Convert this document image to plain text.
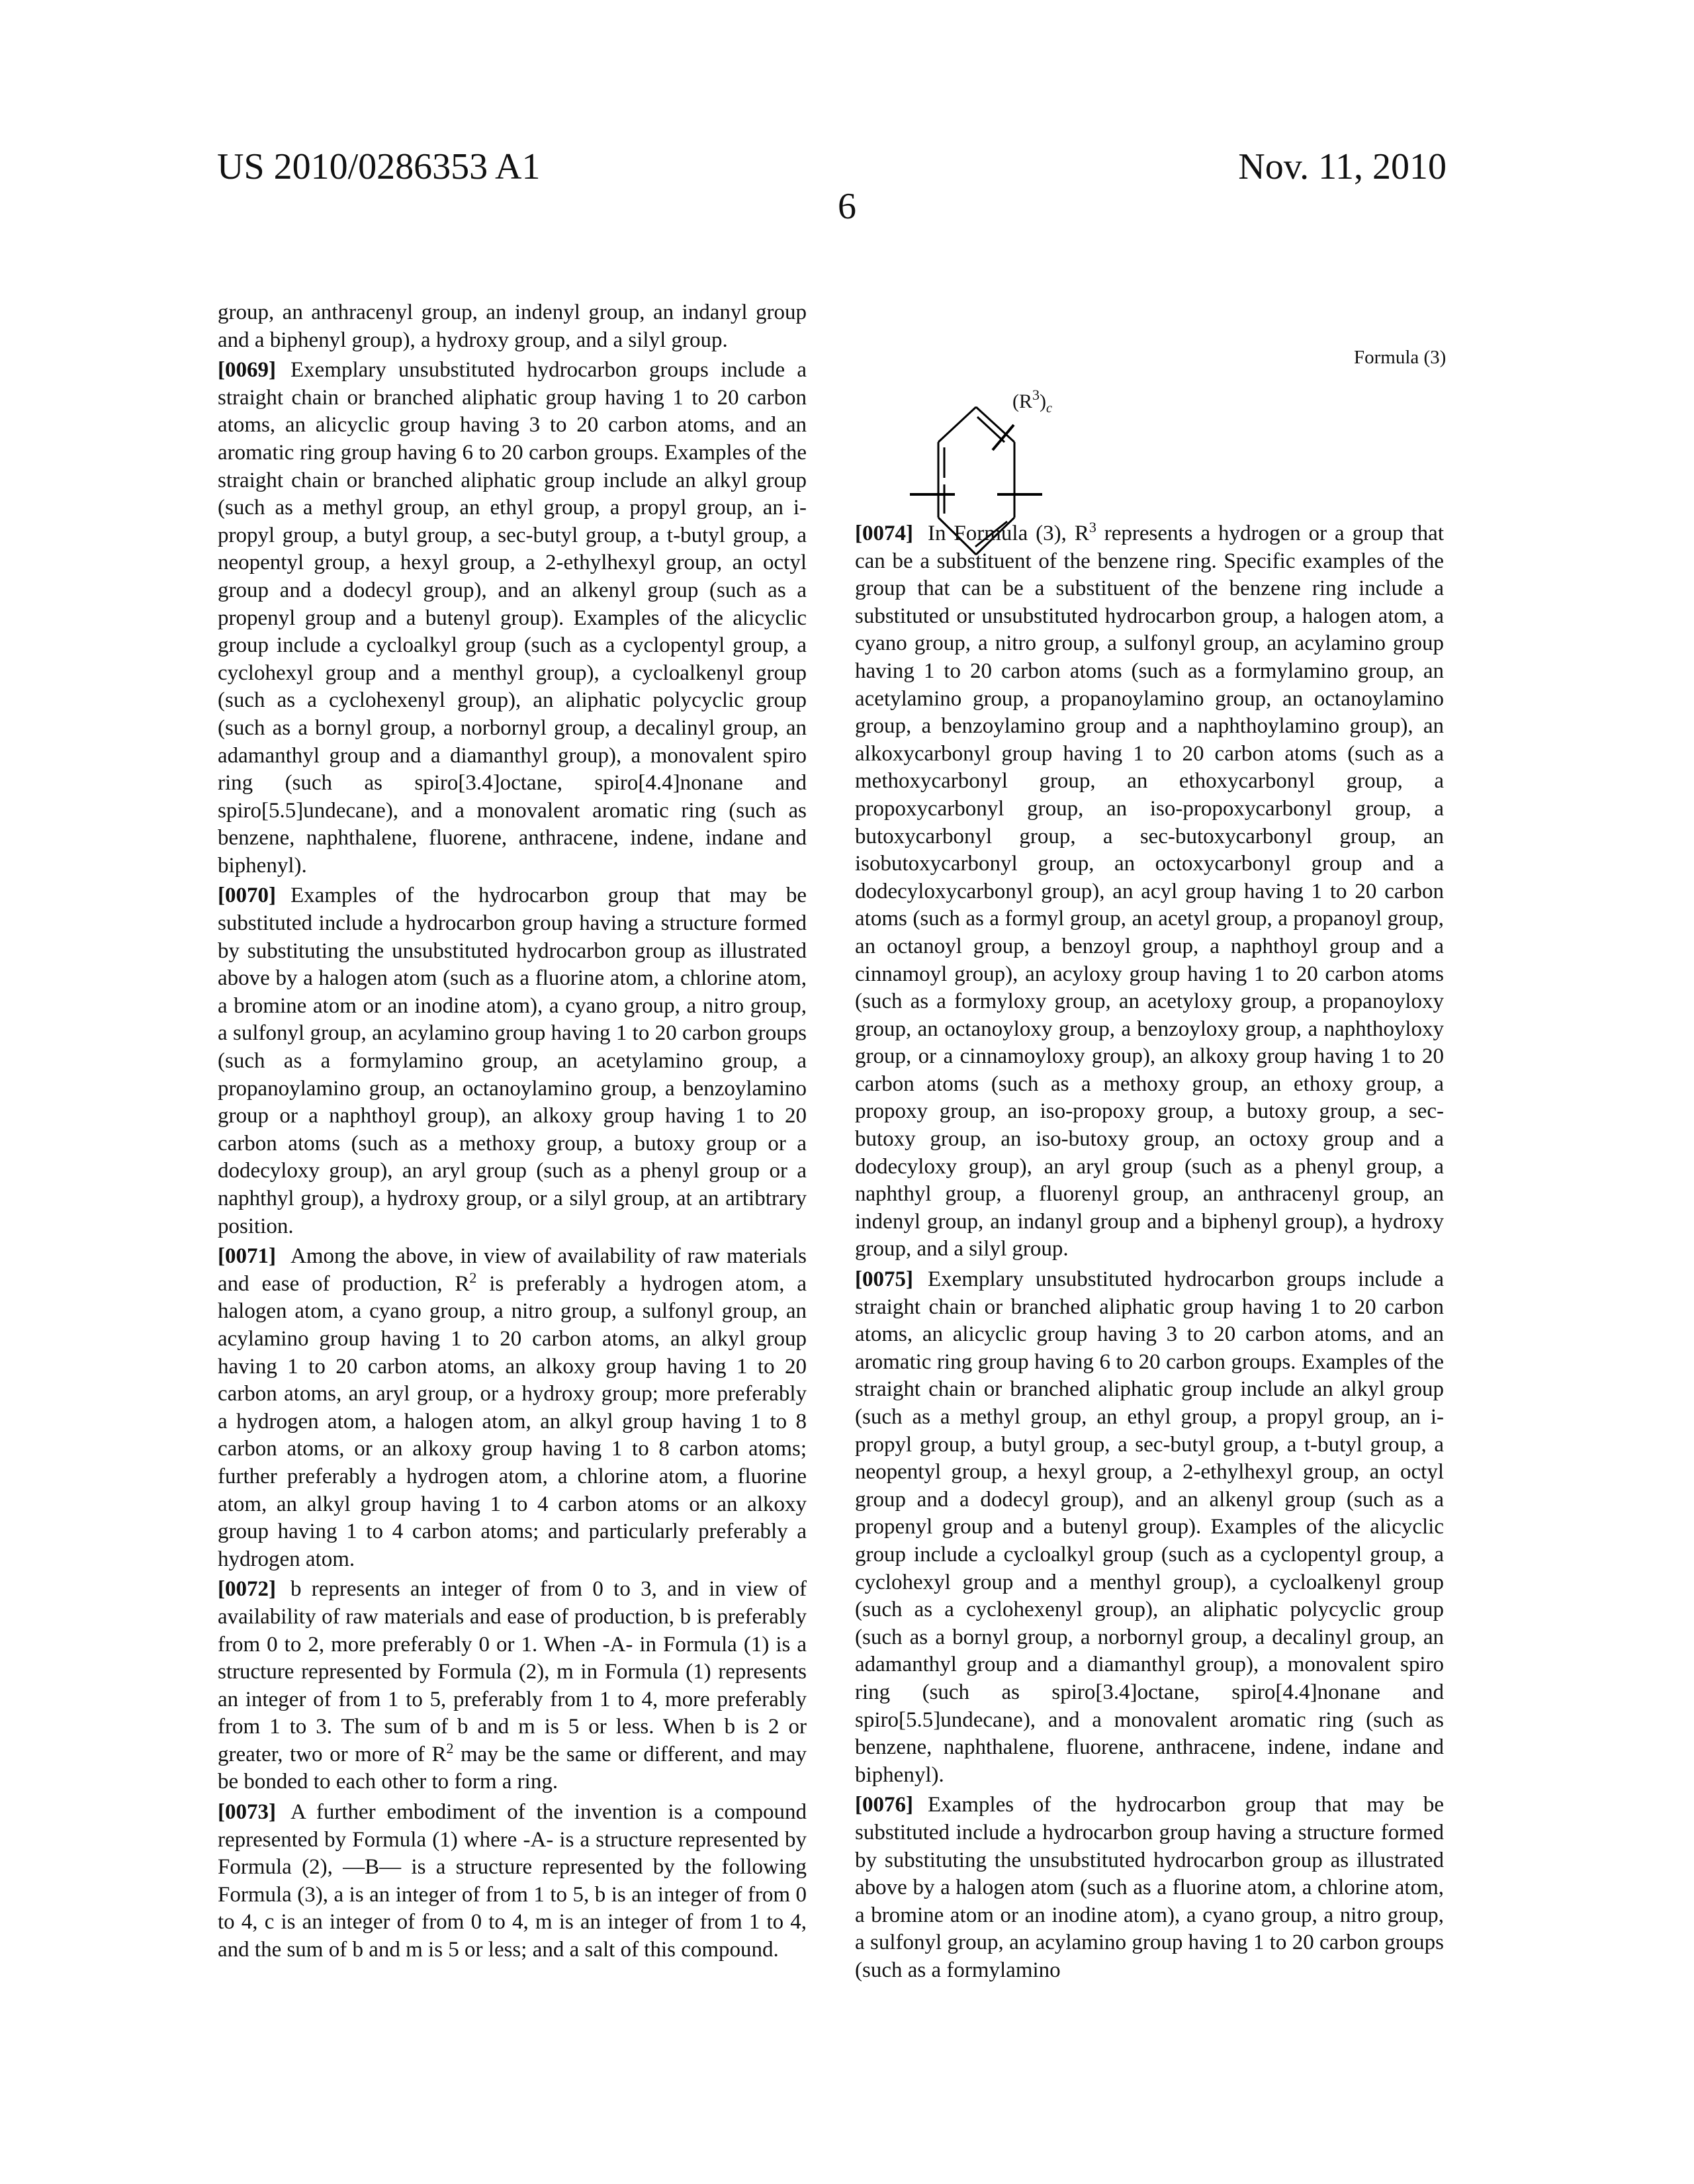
US 2010/0286353 A1	Nov. 11, 2010
6
Formula (3)
(R3)c

group, an anthracenyl group, an indenyl group, an indanyl group and a biphenyl group), a hydroxy group, and a silyl group.

[0069] Exemplary unsubstituted hydrocarbon groups include a straight chain or branched aliphatic group having 1 to 20 carbon atoms, an alicyclic group having 3 to 20 carbon atoms, and an aromatic ring group having 6 to 20 carbon groups. Examples of the straight chain or branched aliphatic group include an alkyl group (such as a methyl group, an ethyl group, a propyl group, an i-propyl group, a butyl group, a sec-butyl group, a t-butyl group, a neopentyl group, a hexyl group, a 2-ethylhexyl group, an octyl group and a dodecyl group), and an alkenyl group (such as a propenyl group and a butenyl group). Examples of the alicyclic group include a cycloalkyl group (such as a cyclopentyl group, a cyclohexyl group and a menthyl group), a cycloalkenyl group (such as a cyclohexenyl group), an aliphatic polycyclic group (such as a bornyl group, a norbornyl group, a decalinyl group, an adamanthyl group and a diamanthyl group), a monovalent spiro ring (such as spiro[3.4]octane, spiro[4.4]nonane and spiro[5.5]undecane), and a monovalent aromatic ring (such as benzene, naphthalene, fluorene, anthracene, indene, indane and biphenyl).

[0070] Examples of the hydrocarbon group that may be substituted include a hydrocarbon group having a structure formed by substituting the unsubstituted hydrocarbon group as illustrated above by a halogen atom (such as a fluorine atom, a chlorine atom, a bromine atom or an inodine atom), a cyano group, a nitro group, a sulfonyl group, an acylamino group having 1 to 20 carbon groups (such as a formylamino group, an acetylamino group, a propanoylamino group, an octanoylamino group, a benzoylamino group or a naphthoyl group), an alkoxy group having 1 to 20 carbon atoms (such as a methoxy group, a butoxy group or a dodecyloxy group), an aryl group (such as a phenyl group or a naphthyl group), a hydroxy group, or a silyl group, at an artibtrary position.

[0071] Among the above, in view of availability of raw materials and ease of production, R2 is preferably a hydrogen atom, a halogen atom, a cyano group, a nitro group, a sulfonyl group, an acylamino group having 1 to 20 carbon atoms, an alkyl group having 1 to 20 carbon atoms, an alkoxy group having 1 to 20 carbon atoms, an aryl group, or a hydroxy group; more preferably a hydrogen atom, a halogen atom, an alkyl group having 1 to 8 carbon atoms, or an alkoxy group having 1 to 8 carbon atoms; further preferably a hydrogen atom, a chlorine atom, a fluorine atom, an alkyl group having 1 to 4 carbon atoms or an alkoxy group having 1 to 4 carbon atoms; and particularly preferably a hydrogen atom.

[0072] b represents an integer of from 0 to 3, and in view of availability of raw materials and ease of production, b is preferably from 0 to 2, more preferably 0 or 1. When -A- in Formula (1) is a structure represented by Formula (2), m in Formula (1) represents an integer of from 1 to 5, preferably from 1 to 4, more preferably from 1 to 3. The sum of b and m is 5 or less. When b is 2 or greater, two or more of R2 may be the same or different, and may be bonded to each other to form a ring.

[0073] A further embodiment of the invention is a compound represented by Formula (1) where -A- is a structure represented by Formula (2), —B— is a structure represented by the following Formula (3), a is an integer of from 1 to 5, b is an integer of from 0 to 4, c is an integer of from 0 to 4, m is an integer of from 1 to 4, and the sum of b and m is 5 or less; and a salt of this compound.

[0074] In Formula (3), R3 represents a hydrogen or a group that can be a substituent of the benzene ring. Specific examples of the group that can be a substituent of the benzene ring include a substituted or unsubstituted hydrocarbon group, a halogen atom, a cyano group, a nitro group, a sulfonyl group, an acylamino group having 1 to 20 carbon atoms (such as a formylamino group, an acetylamino group, a propanoylamino group, an octanoylamino group, a benzoylamino group and a naphthoylamino group), an alkoxycarbonyl group having 1 to 20 carbon atoms (such as a methoxycarbonyl group, an ethoxycarbonyl group, a propoxycarbonyl group, an iso-propoxycarbonyl group, a butoxycarbonyl group, a sec-butoxycarbonyl group, an isobutoxycarbonyl group, an octoxycarbonyl group and a dodecyloxycarbonyl group), an acyl group having 1 to 20 carbon atoms (such as a formyl group, an acetyl group, a propanoyl group, an octanoyl group, a benzoyl group, a naphthoyl group and a cinnamoyl group), an acyloxy group having 1 to 20 carbon atoms (such as a formyloxy group, an acetyloxy group, a propanoyloxy group, an octanoyloxy group, a benzoyloxy group, a naphthoyloxy group, or a cinnamoyloxy group), an alkoxy group having 1 to 20 carbon atoms (such as a methoxy group, an ethoxy group, a propoxy group, an iso-propoxy group, a butoxy group, a sec-butoxy group, an iso-butoxy group, an octoxy group and a dodecyloxy group), an aryl group (such as a phenyl group, a naphthyl group, a fluorenyl group, an anthracenyl group, an indenyl group, an indanyl group and a biphenyl group), a hydroxy group, and a silyl group.

[0075] Exemplary unsubstituted hydrocarbon groups include a straight chain or branched aliphatic group having 1 to 20 carbon atoms, an alicyclic group having 3 to 20 carbon atoms, and an aromatic ring group having 6 to 20 carbon groups. Examples of the straight chain or branched aliphatic group include an alkyl group (such as a methyl group, an ethyl group, a propyl group, an i-propyl group, a butyl group, a sec-butyl group, a t-butyl group, a neopentyl group, a hexyl group, a 2-ethylhexyl group, an octyl group and a dodecyl group), and an alkenyl group (such as a propenyl group and a butenyl group). Examples of the alicyclic group include a cycloalkyl group (such as a cyclopentyl group, a cyclohexyl group and a menthyl group), a cycloalkenyl group (such as a cyclohexenyl group), an aliphatic polycyclic group (such as a bornyl group, a norbornyl group, a decalinyl group, an adamanthyl group and a diamanthyl group), a monovalent spiro ring (such as spiro[3.4]octane, spiro[4.4]nonane and spiro[5.5]undecane), and a monovalent aromatic ring (such as benzene, naphthalene, fluorene, anthracene, indene, indane and biphenyl).

[0076] Examples of the hydrocarbon group that may be substituted include a hydrocarbon group having a structure formed by substituting the unsubstituted hydrocarbon group as illustrated above by a halogen atom (such as a fluorine atom, a chlorine atom, a bromine atom or an inodine atom), a cyano group, a nitro group, a sulfonyl group, an acylamino group having 1 to 20 carbon groups (such as a formylamino
